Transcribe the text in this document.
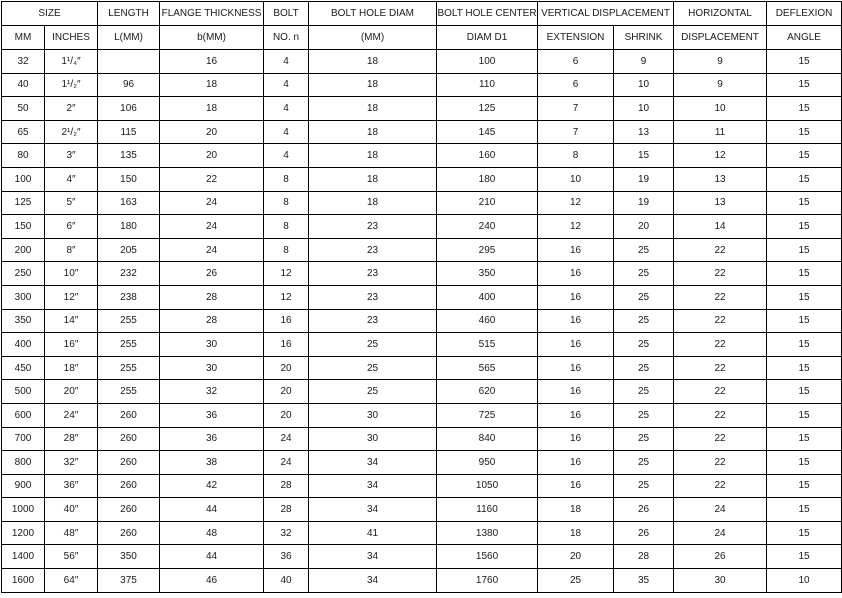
SIZE		LENGTH	FLANGE THICKNESS	BOLT	BOLT HOLE DIAM	BOLT HOLE CENTER	VERTICAL DISPLACEMENT		HORIZONTAL	DEFLEXION
MM	INCHES	L(MM)	b(MM)	NO. n	(MM)	DIAM D1	EXTENSION	SHRINK	DISPLACEMENT	ANGLE
32	1¹/₄″		16	4	18	100	6	9	9	15
40	1¹/₂″	96	18	4	18	110	6	10	9	15
50	2″	106	18	4	18	125	7	10	10	15
65	2¹/₂″	115	20	4	18	145	7	13	11	15
80	3″	135	20	4	18	160	8	15	12	15
100	4″	150	22	8	18	180	10	19	13	15
125	5″	163	24	8	18	210	12	19	13	15
150	6″	180	24	8	23	240	12	20	14	15
200	8″	205	24	8	23	295	16	25	22	15
250	10″	232	26	12	23	350	16	25	22	15
300	12″	238	28	12	23	400	16	25	22	15
350	14″	255	28	16	23	460	16	25	22	15
400	16″	255	30	16	25	515	16	25	22	15
450	18″	255	30	20	25	565	16	25	22	15
500	20″	255	32	20	25	620	16	25	22	15
600	24″	260	36	20	30	725	16	25	22	15
700	28″	260	36	24	30	840	16	25	22	15
800	32″	260	38	24	34	950	16	25	22	15
900	36″	260	42	28	34	1050	16	25	22	15
1000	40″	260	44	28	34	1160	18	26	24	15
1200	48″	260	48	32	41	1380	18	26	24	15
1400	56″	350	44	36	34	1560	20	28	26	15
1600	64″	375	46	40	34	1760	25	35	30	10
